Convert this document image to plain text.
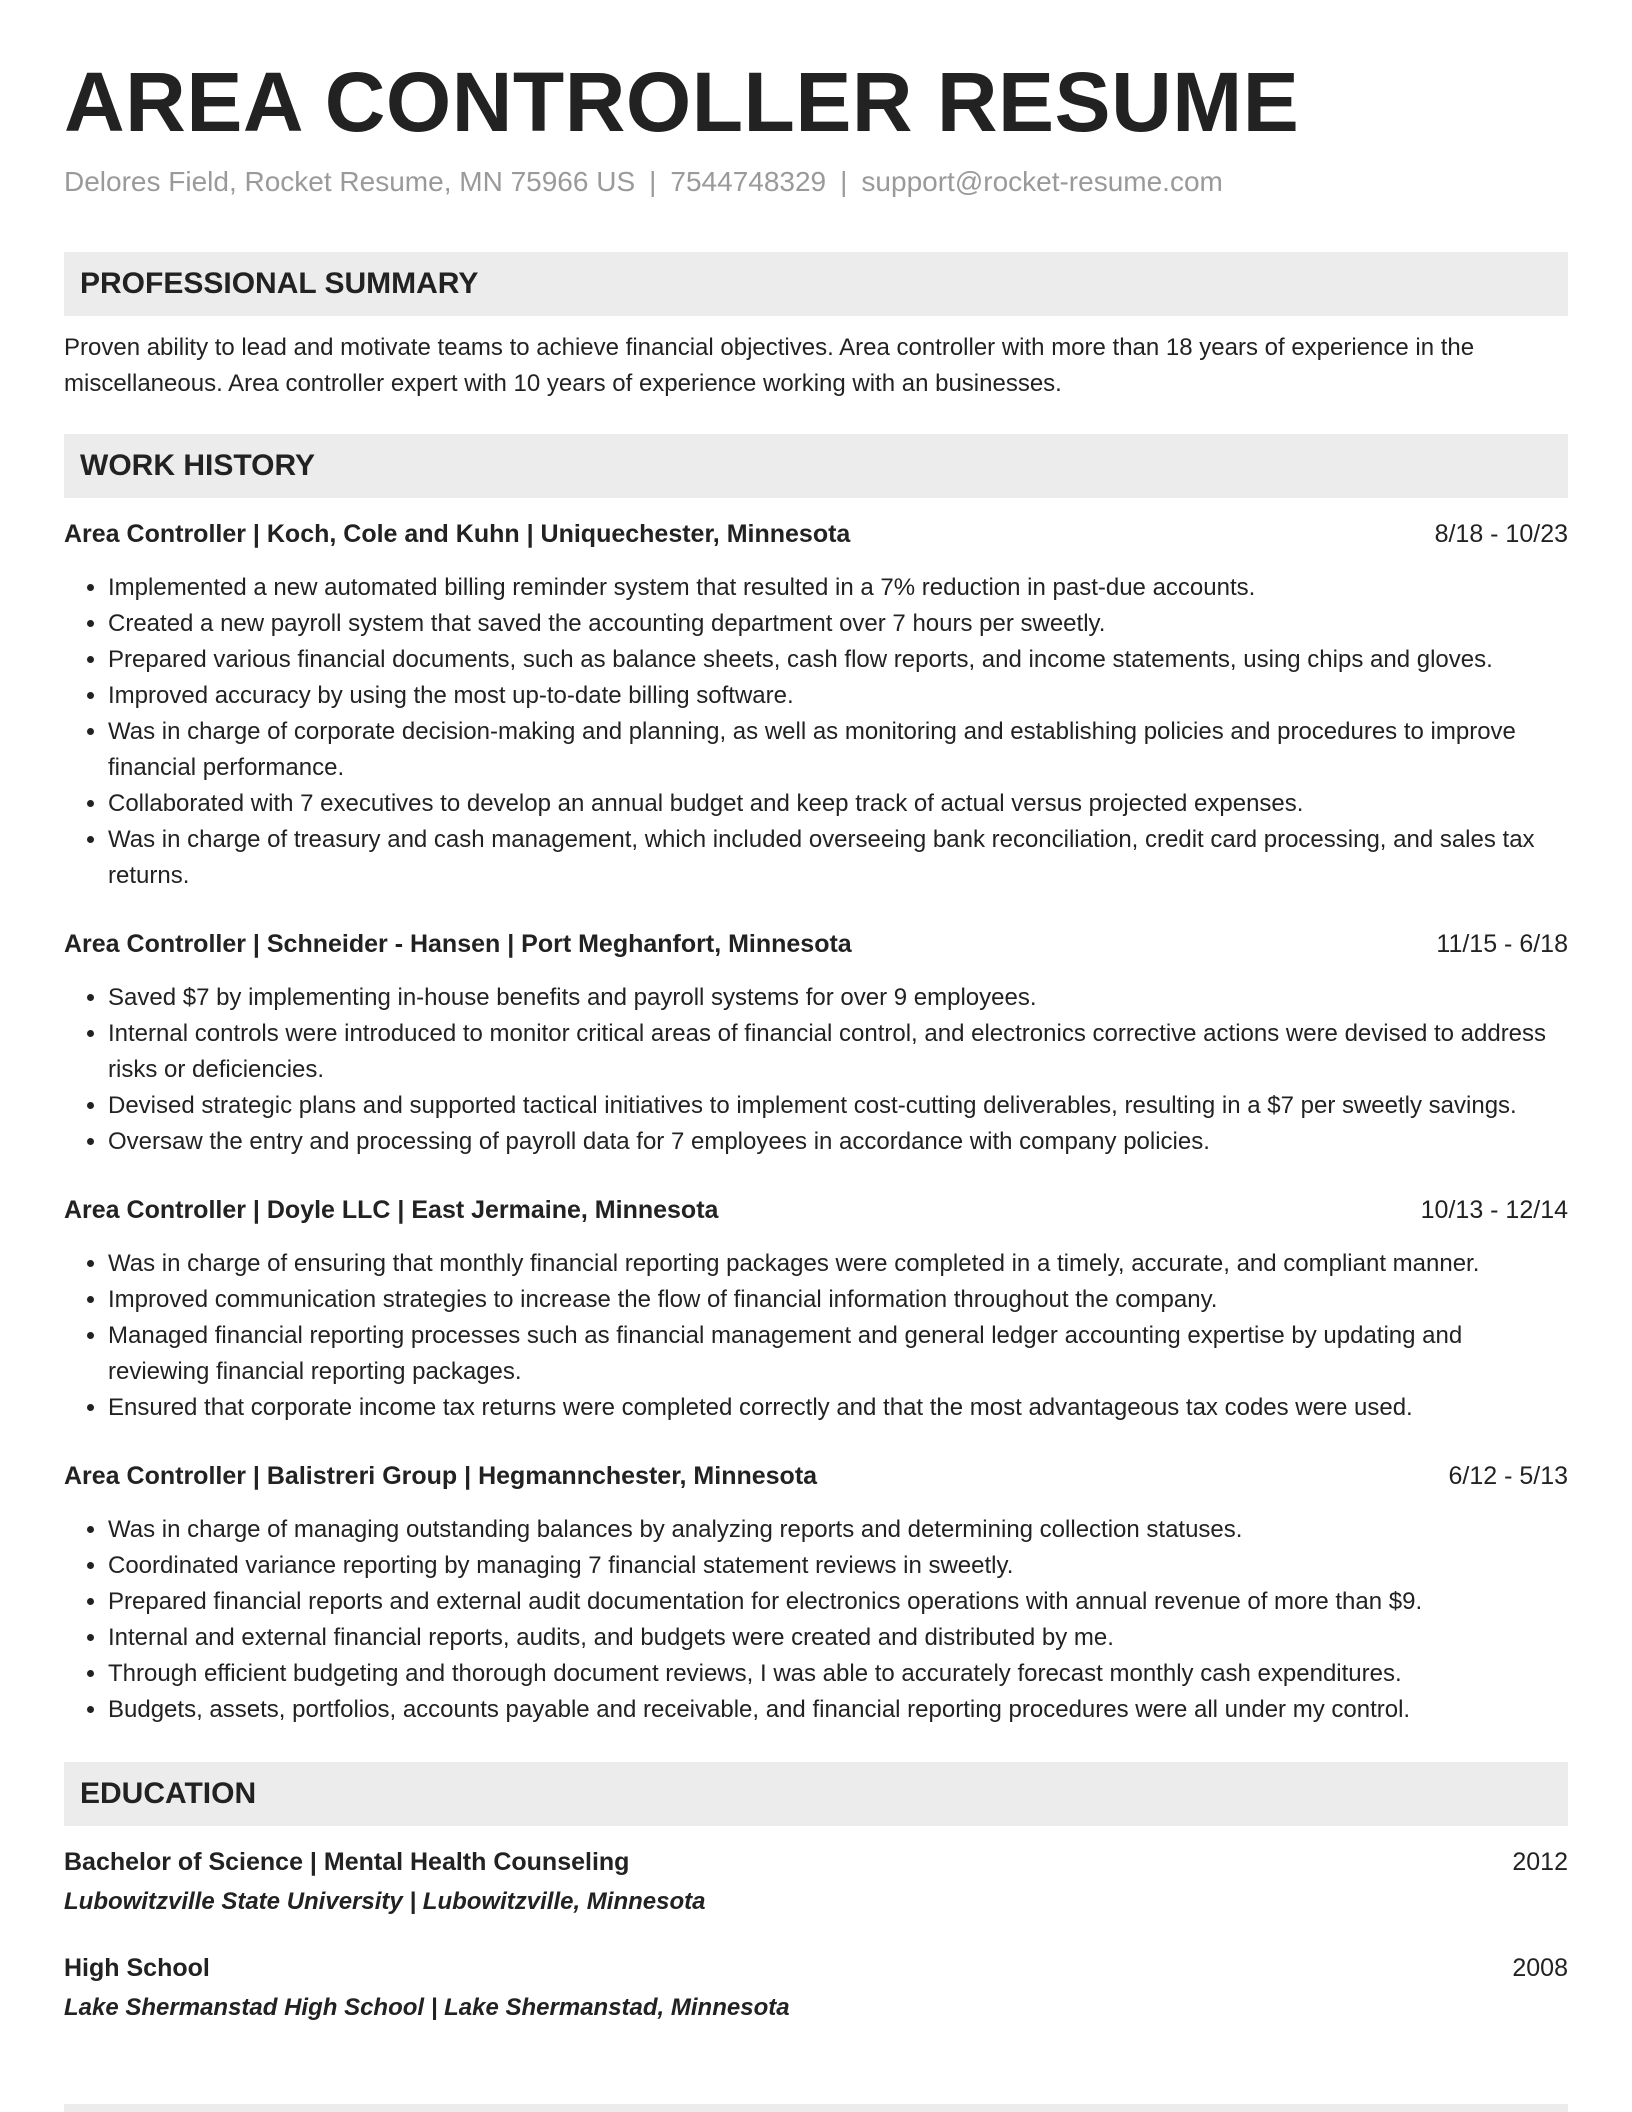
AREA CONTROLLER RESUME
Delores Field, Rocket Resume, MN 75966 US | 7544748329 | support@rocket-resume.com
PROFESSIONAL SUMMARY

Proven ability to lead and motivate teams to achieve financial objectives. Area controller with more than 18 years of experience in the miscellaneous. Area controller expert with 10 years of experience working with an businesses.

WORK HISTORY
Area Controller | Koch, Cole and Kuhn | Uniquechester, Minnesota	8/18 - 10/23
• Implemented a new automated billing reminder system that resulted in a 7% reduction in past-due accounts.
• Created a new payroll system that saved the accounting department over 7 hours per sweetly.
• Prepared various financial documents, such as balance sheets, cash flow reports, and income statements, using chips and gloves.
• Improved accuracy by using the most up-to-date billing software.
• Was in charge of corporate decision-making and planning, as well as monitoring and establishing policies and procedures to improve financial performance.
• Collaborated with 7 executives to develop an annual budget and keep track of actual versus projected expenses.
• Was in charge of treasury and cash management, which included overseeing bank reconciliation, credit card processing, and sales tax returns.
Area Controller | Schneider - Hansen | Port Meghanfort, Minnesota	11/15 - 6/18
• Saved $7 by implementing in-house benefits and payroll systems for over 9 employees.
• Internal controls were introduced to monitor critical areas of financial control, and electronics corrective actions were devised to address risks or deficiencies.
• Devised strategic plans and supported tactical initiatives to implement cost-cutting deliverables, resulting in a $7 per sweetly savings.
• Oversaw the entry and processing of payroll data for 7 employees in accordance with company policies.
Area Controller | Doyle LLC | East Jermaine, Minnesota	10/13 - 12/14
• Was in charge of ensuring that monthly financial reporting packages were completed in a timely, accurate, and compliant manner.
• Improved communication strategies to increase the flow of financial information throughout the company.
• Managed financial reporting processes such as financial management and general ledger accounting expertise by updating and reviewing financial reporting packages.
• Ensured that corporate income tax returns were completed correctly and that the most advantageous tax codes were used.
Area Controller | Balistreri Group | Hegmannchester, Minnesota	6/12 - 5/13
• Was in charge of managing outstanding balances by analyzing reports and determining collection statuses.
• Coordinated variance reporting by managing 7 financial statement reviews in sweetly.
• Prepared financial reports and external audit documentation for electronics operations with annual revenue of more than $9.
• Internal and external financial reports, audits, and budgets were created and distributed by me.
• Through efficient budgeting and thorough document reviews, I was able to accurately forecast monthly cash expenditures.
• Budgets, assets, portfolios, accounts payable and receivable, and financial reporting procedures were all under my control.
EDUCATION
Bachelor of Science | Mental Health Counseling	2012
Lubowitzville State University | Lubowitzville, Minnesota
High School	2008
Lake Shermanstad High School | Lake Shermanstad, Minnesota
